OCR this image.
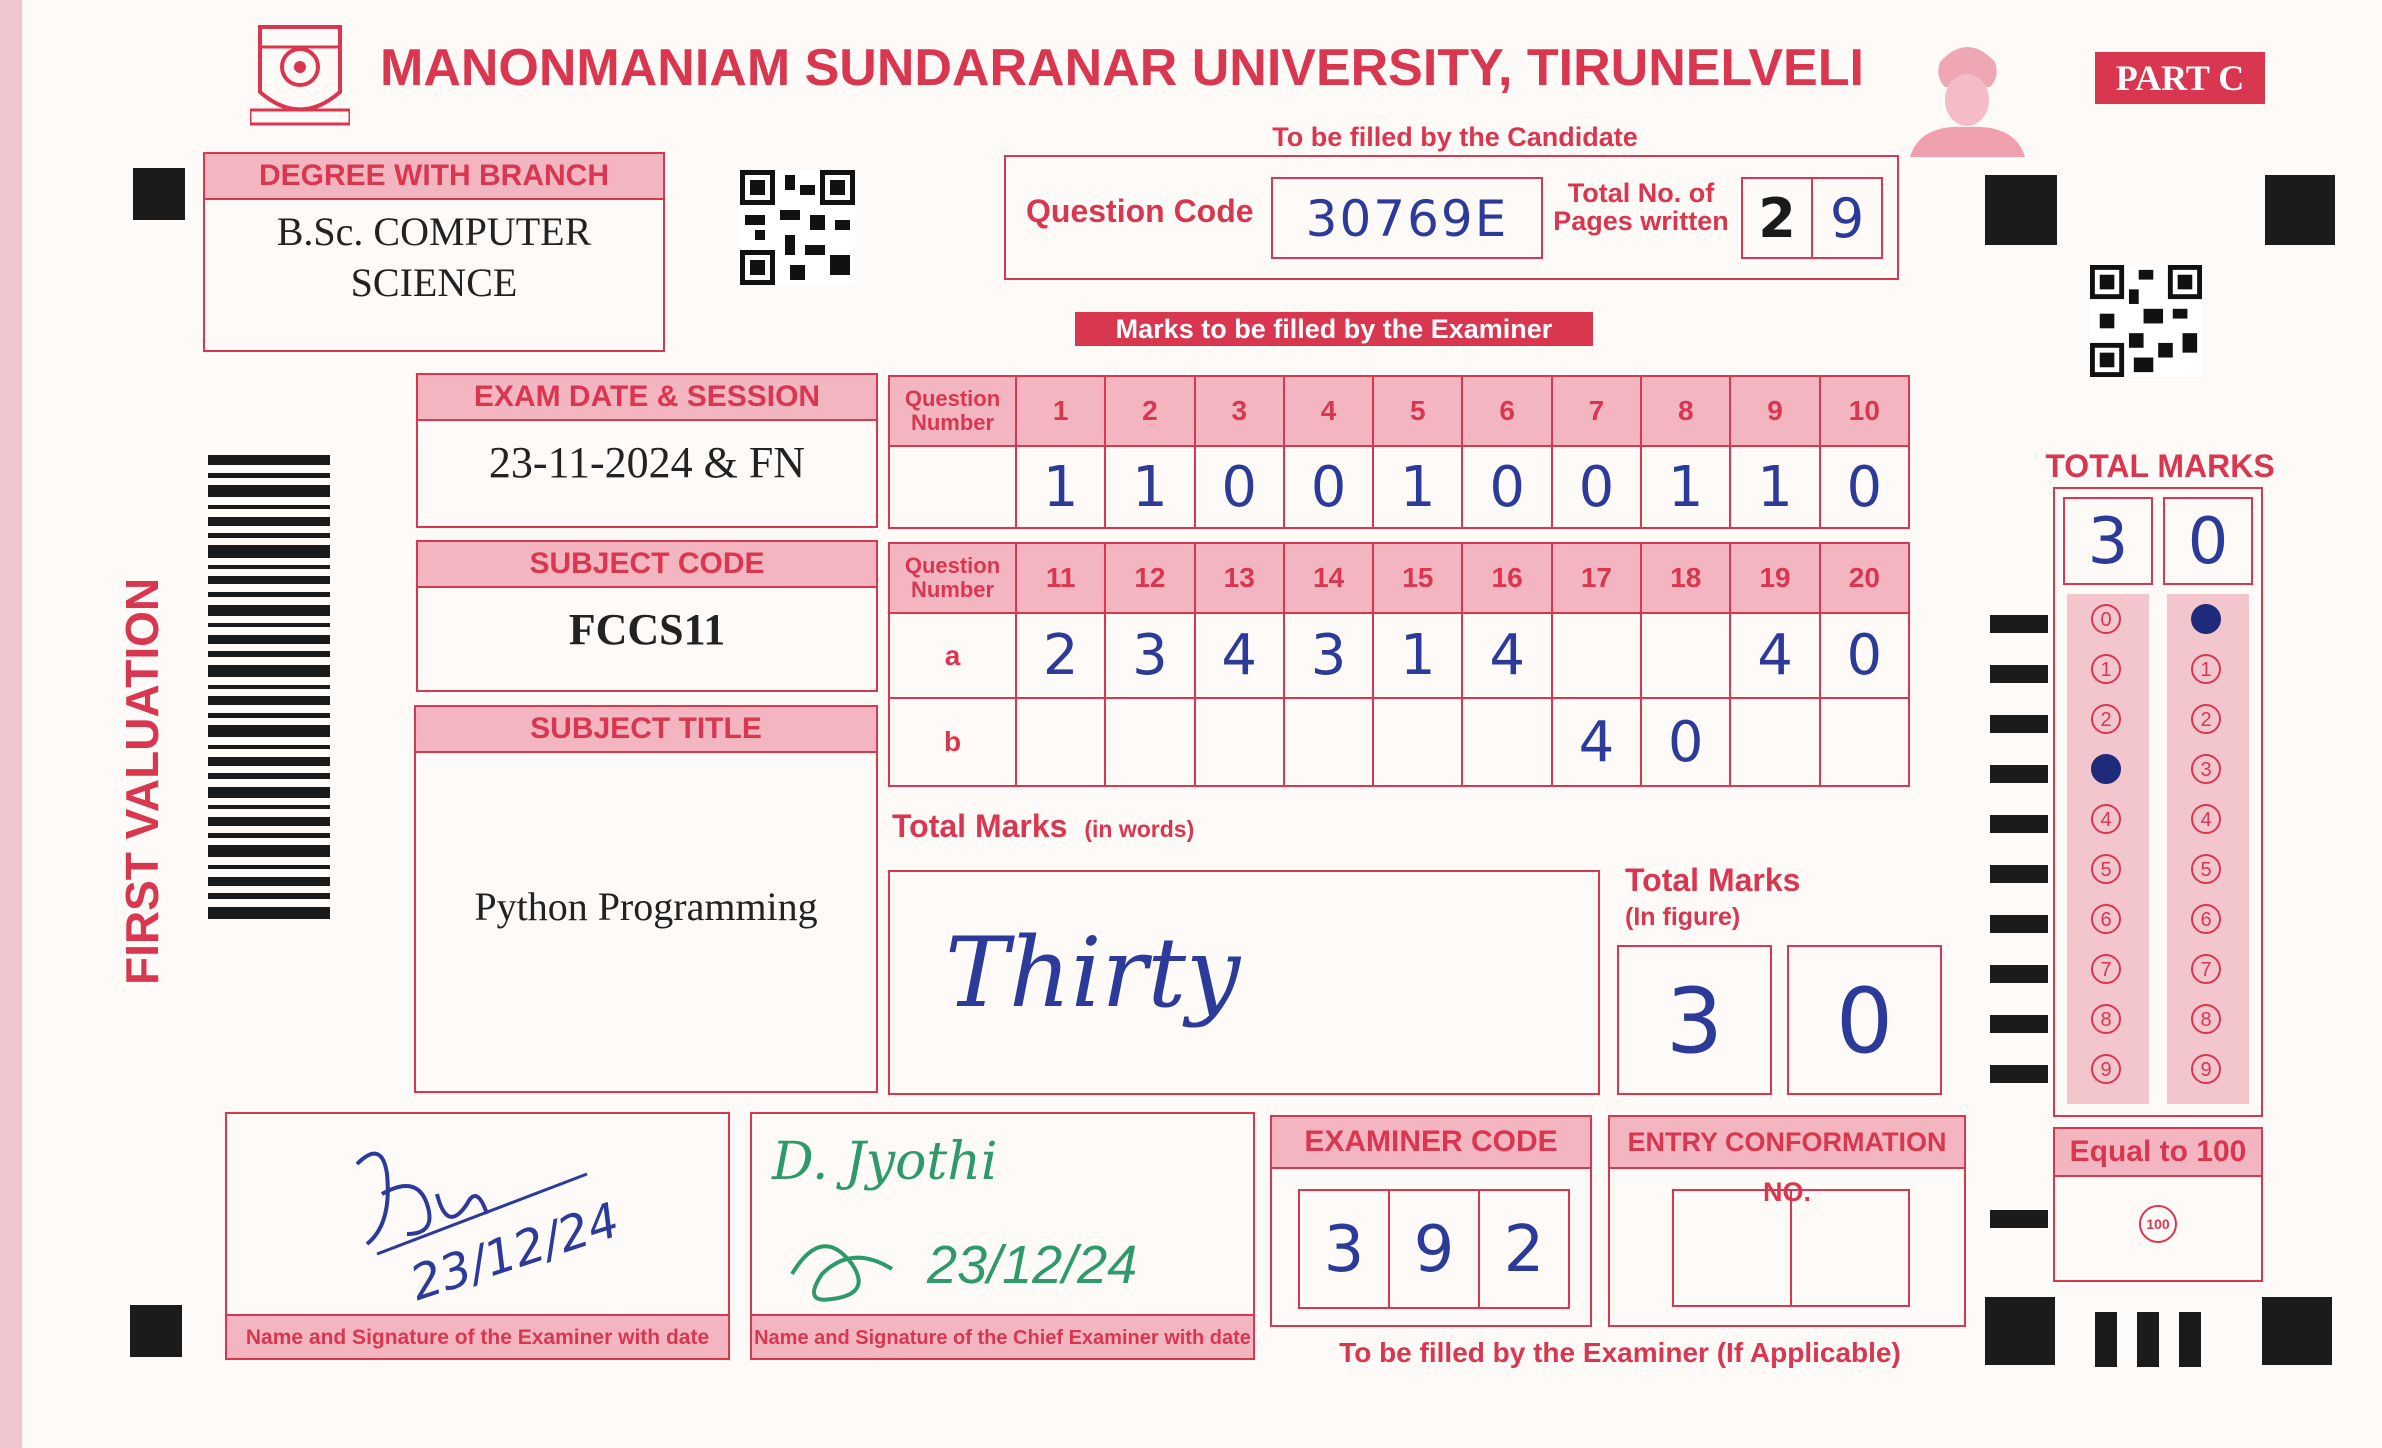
MANONMANIAM SUNDARANAR UNIVERSITY, TIRUNELVELI	PART C
To be filled by the Candidate
DEGREE WITH BRANCH
B.Sc. COMPUTER
SCIENCE
Question Code	30769E	Total No. of
Pages written 2 9
Marks to be filled by the Examiner
FIRST VALUATION
EXAM DATE & SESSION
23-11-2024 & FN
SUBJECT CODE
FCCS11
SUBJECT TITLE
Python Programming
Question
Number	1	2	3	4	5	6	7	8	9	10
	1	1	0	0	1	0	0	1	1	0
Question
Number	11	12	13	14	15	16	17	18	19	20
a	2	3	4	3	1	4			4	0
b							4	0		
Total Marks (in words)
Thirty
Total Marks
(In figure)
3	0
TOTAL MARKS
3 0
0
1
2
3
4
5
6
7
8
9
0
1
2
3
4
5
6
7
8
9
Equal to 100
100
23/12/24
Name and Signature of the Examiner with date
D. Jyothi
23/12/24
Name and Signature of the Chief Examiner with date
EXAMINER CODE
3 9 2
ENTRY CONFORMATION NO.
To be filled by the Examiner (If Applicable)
